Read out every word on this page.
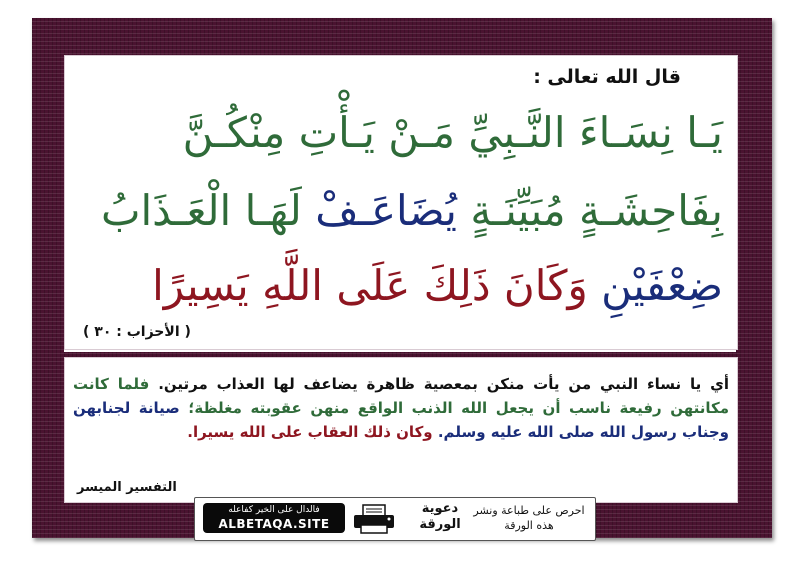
قال الله تعالى :
يَـا نِسَـاءَ النَّـبِيِّ مَـنْ يَـأْتِ مِنْكُـنَّ
بِفَاحِشَـةٍ مُبَيِّنَـةٍ يُضَاعَـفْ لَهَـا الْعَـذَابُ
ضِعْفَيْنِ وَكَانَ ذَلِكَ عَلَى اللَّهِ يَسِيرًا
( الأحزاب : ٣٠ )
أي يا نساء النبي من يأت منكن بمعصية ظاهرة يضاعف لها العذاب مرتين. فلما كانت مكانتهن رفيعة ناسب أن يجعل الله الذنب الواقع منهن عقوبته مغلظة؛ صيانة لجنابهن وجناب رسول الله صلى الله عليه وسلم. وكان ذلك العقاب على الله يسيرا.
التفسير الميسر
فالدال على الخير كفاعله
ALBETAQA.SITE
دعوية
الورقة
احرص على طباعة ونشر هذه الورقة
